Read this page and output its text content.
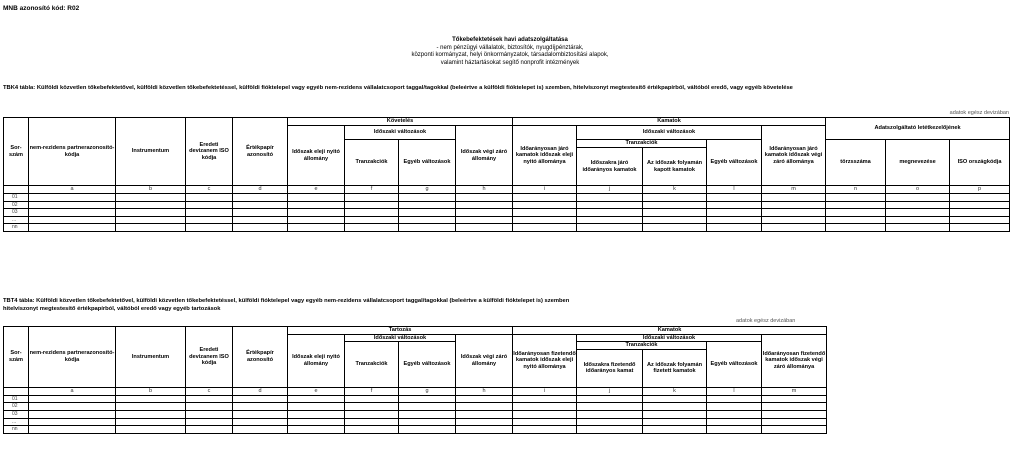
MNB azonosító kód: R02
Tőkebefektetések havi adatszolgáltatása
- nem pénzügyi vállalatok, biztosítók, nyugdíjpénztárak,
központi kormányzat, helyi önkormányzatok, társadalombiztosítási alapok,
valamint háztartásokat segítő nonprofit intézmények
TBK4 tábla: Külföldi közvetlen tőkebefektetővel, külföldi közvetlen tőkebefektetéssel, külföldi fióktelepel vagy egyéb nem-rezidens vállalatcsoport taggal/tagokkal (beleértve a külföldi fióktelepet is) szemben, hitelviszonyt megtestesítő értékpapírból, váltóból eredő, vagy egyéb követelése
adatok egész devizában
Sor-szám	nem-rezidens partnerazonosító-kódja	Instrumentum	Eredeti devizanem ISO kódja	Értékpapír azonosító	Követelés				Kamatok					Adatszolgáltató letétkezelőjének		
					Időszak eleji nyitó állomány	Időszaki változások		Időszak végi záró állomány	Időarányosan járó kamatok időszak eleji nyitó állománya	Időszaki változások			Időarányosan járó kamatok időszak végi záró állománya			
						Tranzakciók	Egyéb változások			Tranzakciók		Egyéb változások		törzsszáma	megnevezése	ISO országkódja
										Időszakra járó időarányos kamatok	Az időszak folyamán kapott kamatok					
	a	b	c	d	e	f	g	h	i	j	k	l	m	n	o	p
01																
02																
03																
...																
nn																
TBT4 tábla: Külföldi közvetlen tőkebefektetővel, külföldi közvetlen tőkebefektetéssel, külföldi fióktelepel vagy egyéb nem-rezidens vállalatcsoport taggal/tagokkal (beleértve a külföldi fióktelepet is) szemben
hitelviszonyt megtestesítő értékpapírból, váltóból eredő vagy egyéb tartozások
adatok egész devizában
Sor-szám	nem-rezidens partnerazonosító-kódja	Instrumentum	Eredeti devizanem ISO kódja	Értékpapír azonosító	Tartozás				Kamatok				
					Időszak eleji nyitó állomány	Időszaki változások		Időszak végi záró állomány	Időarányosan fizetendő kamatok időszak eleji nyitó állománya	Időszaki változások			Időarányosan fizetendő kamatok időszak végi záró állománya
						Tranzakciók	Egyéb változások			Tranzakciók		Egyéb változások	
										Időszakra fizetendő időarányos kamat	Az időszak folyamán fizetett kamatok		
	a	b	c	d	e	f	g	h	i	j	k	l	m
01													
02													
03													
...													
nn													
